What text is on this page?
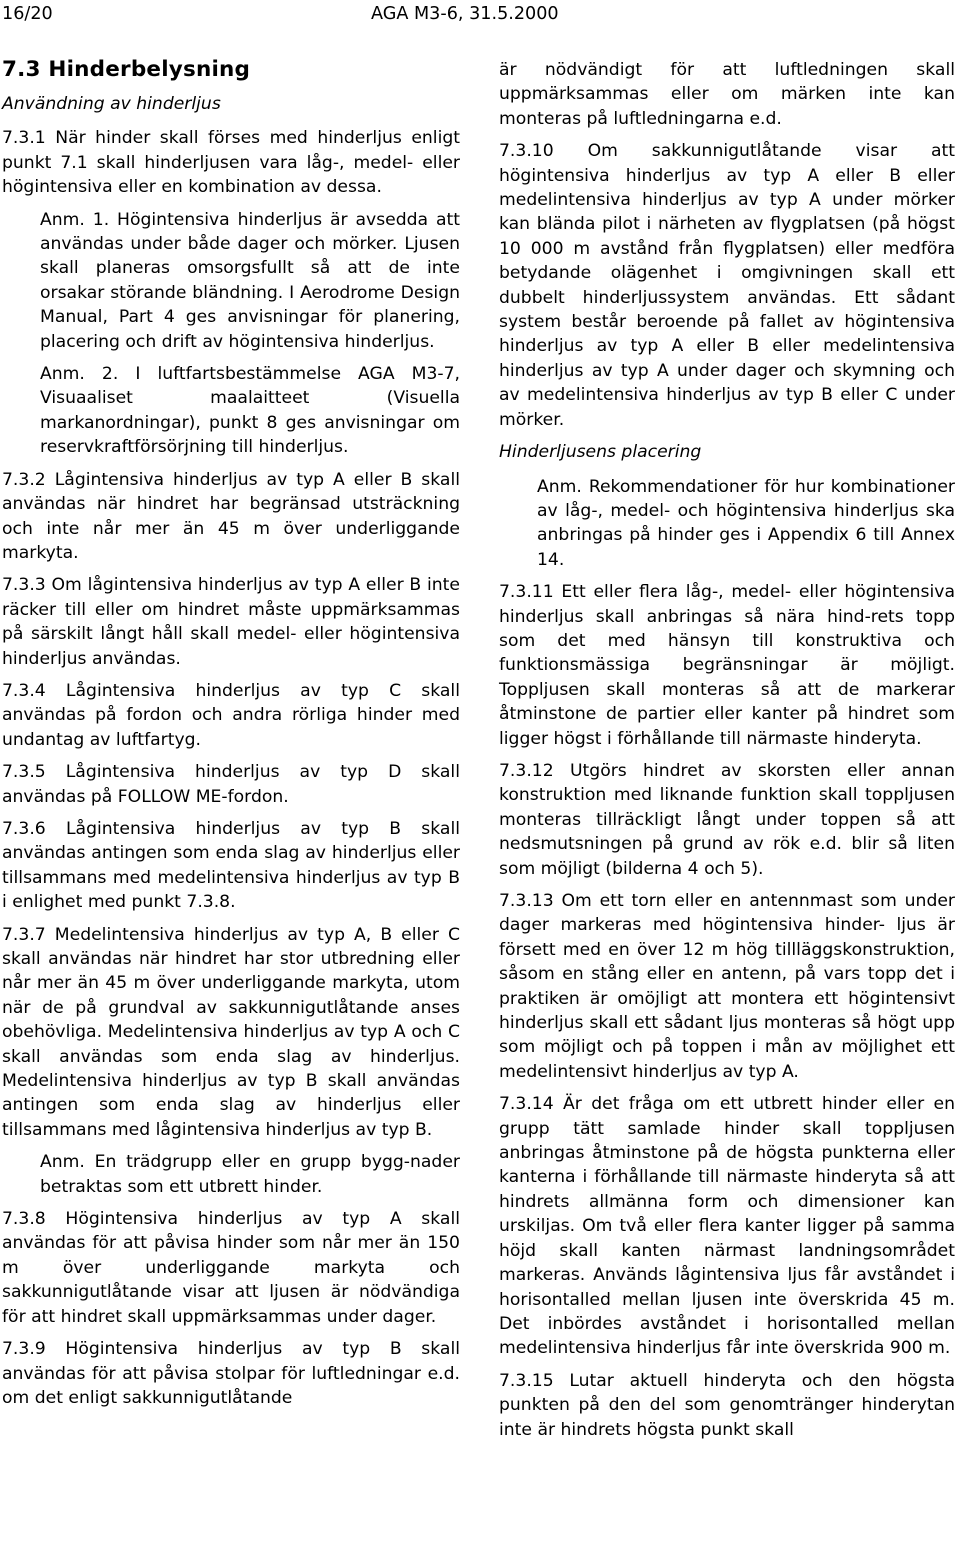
16/20	AGA M3-6, 31.5.2000
7.3 Hinderbelysning
Användning av hinderljus

7.3.1 När hinder skall förses med hinderljus enligt punkt 7.1 skall hinderljusen vara låg-, medel- eller högintensiva eller en kombination av dessa.

Anm. 1. Högintensiva hinderljus är avsedda att användas under både dager och mörker. Ljusen skall planeras omsorgsfullt så att de inte orsakar störande bländning. I Aerodrome Design Manual, Part 4 ges anvisningar för planering, placering och drift av högintensiva hinderljus.

Anm. 2. I luftfartsbestämmelse AGA M3-7, Visuaaliset maalaitteet (Visuella markanordningar), punkt 8 ges anvisningar om reservkraftförsörjning till hinderljus.

7.3.2 Lågintensiva hinderljus av typ A eller B skall användas när hindret har begränsad utsträckning och inte når mer än 45 m över underliggande markyta.

7.3.3 Om lågintensiva hinderljus av typ A eller B inte räcker till eller om hindret måste uppmärksammas på särskilt långt håll skall medel- eller högintensiva hinderljus användas.

7.3.4 Lågintensiva hinderljus av typ C skall användas på fordon och andra rörliga hinder med undantag av luftfartyg.

7.3.5 Lågintensiva hinderljus av typ D skall användas på FOLLOW ME-fordon.

7.3.6 Lågintensiva hinderljus av typ B skall användas antingen som enda slag av hinderljus eller tillsammans med medelintensiva hinderljus av typ B i enlighet med punkt 7.3.8.

7.3.7 Medelintensiva hinderljus av typ A, B eller C skall användas när hindret har stor utbredning eller når mer än 45 m över underliggande markyta, utom när de på grundval av sakkunnigutlåtande anses obehövliga. Medelintensiva hinderljus av typ A och C skall användas som enda slag av hinderljus. Medelintensiva hinderljus av typ B skall användas antingen som enda slag av hinderljus eller tillsammans med lågintensiva hinderljus av typ B.

Anm. En trädgrupp eller en grupp bygg-nader betraktas som ett utbrett hinder.

7.3.8 Högintensiva hinderljus av typ A skall användas för att påvisa hinder som når mer än 150 m över underliggande markyta och sakkunnigutlåtande visar att ljusen är nödvändiga för att hindret skall uppmärksammas under dager.

7.3.9 Högintensiva hinderljus av typ B skall användas för att påvisa stolpar för luftledningar e.d. om det enligt sakkunnigutlåtande

är nödvändigt för att luftledningen skall uppmärksammas eller om märken inte kan monteras på luftledningarna e.d.

7.3.10 Om sakkunnigutlåtande visar att högintensiva hinderljus av typ A eller B eller medelintensiva hinderljus av typ A under mörker kan blända pilot i närheten av flygplatsen (på högst 10 000 m avstånd från flygplatsen) eller medföra betydande olägenhet i omgivningen skall ett dubbelt hinderljussystem användas. Ett sådant system består beroende på fallet av högintensiva hinderljus av typ A eller B eller medelintensiva hinderljus av typ A under dager och skymning och av medelintensiva hinderljus av typ B eller C under mörker.

Hinderljusens placering

Anm. Rekommendationer för hur kombinationer av låg-, medel- och högintensiva hinderljus ska anbringas på hinder ges i Appendix 6 till Annex 14.

7.3.11 Ett eller flera låg-, medel- eller högintensiva hinderljus skall anbringas så nära hind-rets topp som det med hänsyn till konstruktiva och funktionsmässiga begränsningar är möjligt. Toppljusen skall monteras så att de markerar åtminstone de partier eller kanter på hindret som ligger högst i förhållande till närmaste hinderyta.

7.3.12 Utgörs hindret av skorsten eller annan konstruktion med liknande funktion skall toppljusen monteras tillräckligt långt under toppen så att nedsmutsningen på grund av rök e.d. blir så liten som möjligt (bilderna 4 och 5).

7.3.13 Om ett torn eller en antennmast som under dager markeras med högintensiva hinder- ljus är försett med en över 12 m hög tillläggskonstruktion, såsom en stång eller en antenn, på vars topp det i praktiken är omöjligt att montera ett högintensivt hinderljus skall ett sådant ljus monteras så högt upp som möjligt och på toppen i mån av möjlighet ett medelintensivt hinderljus av typ A.

7.3.14 Är det fråga om ett utbrett hinder eller en grupp tätt samlade hinder skall toppljusen anbringas åtminstone på de högsta punkterna eller kanterna i förhållande till närmaste hinderyta så att hindrets allmänna form och dimensioner kan urskiljas. Om två eller flera kanter ligger på samma höjd skall kanten närmast landningsområdet markeras. Används lågintensiva ljus får avståndet i horisontalled mellan ljusen inte överskrida 45 m. Det inbördes avståndet i horisontalled mellan medelintensiva hinderljus får inte överskrida 900 m.

7.3.15 Lutar aktuell hinderyta och den högsta punkten på den del som genomtränger hinderytan inte är hindrets högsta punkt skall
